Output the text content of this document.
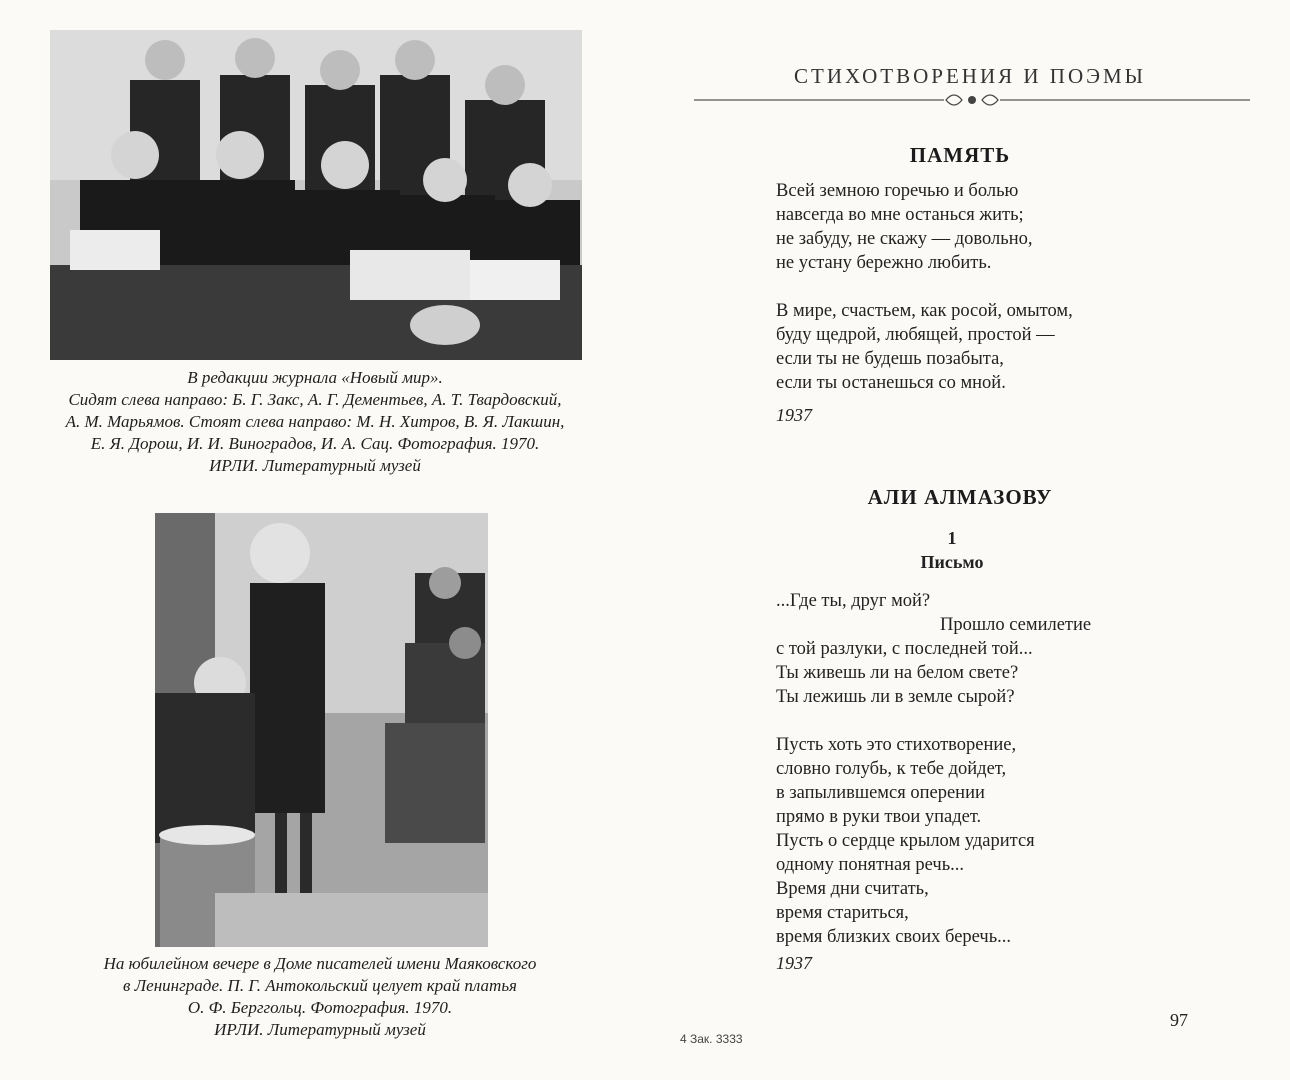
В редакции журнала «Новый мир».
Сидят слева направо: Б. Г. Закс, А. Г. Дементьев, А. Т. Твардовский,
А. М. Марьямов. Стоят слева направо: М. Н. Хитров, В. Я. Лакшин,
Е. Я. Дорош, И. И. Виноградов, И. А. Сац. Фотография. 1970.
ИРЛИ. Литературный музей
На юбилейном вечере в Доме писателей имени Маяковского
в Ленинграде. П. Г. Антокольский целует край платья
О. Ф. Берггольц. Фотография. 1970.
ИРЛИ. Литературный музей
СТИХОТВОРЕНИЯ И ПОЭМЫ
ПАМЯТЬ
Всей земною горечью и болью
навсегда во мне останься жить;
не забуду, не скажу — довольно,
не устану бережно любить.
В мире, счастьем, как росой, омытом,
буду щедрой, любящей, простой —
если ты не будешь позабыта,
если ты останешься со мной.
1937
АЛИ АЛМАЗОВУ
1
Письмо
...Где ты, друг мой?
Прошло семилетие
с той разлуки, с последней той...
Ты живешь ли на белом свете?
Ты лежишь ли в земле сырой?
Пусть хоть это стихотворение,
словно голубь, к тебе дойдет,
в запылившемся оперении
прямо в руки твои упадет.
Пусть о сердце крылом ударится
одному понятная речь...
Время дни считать,
время стариться,
время близких своих беречь...
1937
97
4 Зак. 3333
